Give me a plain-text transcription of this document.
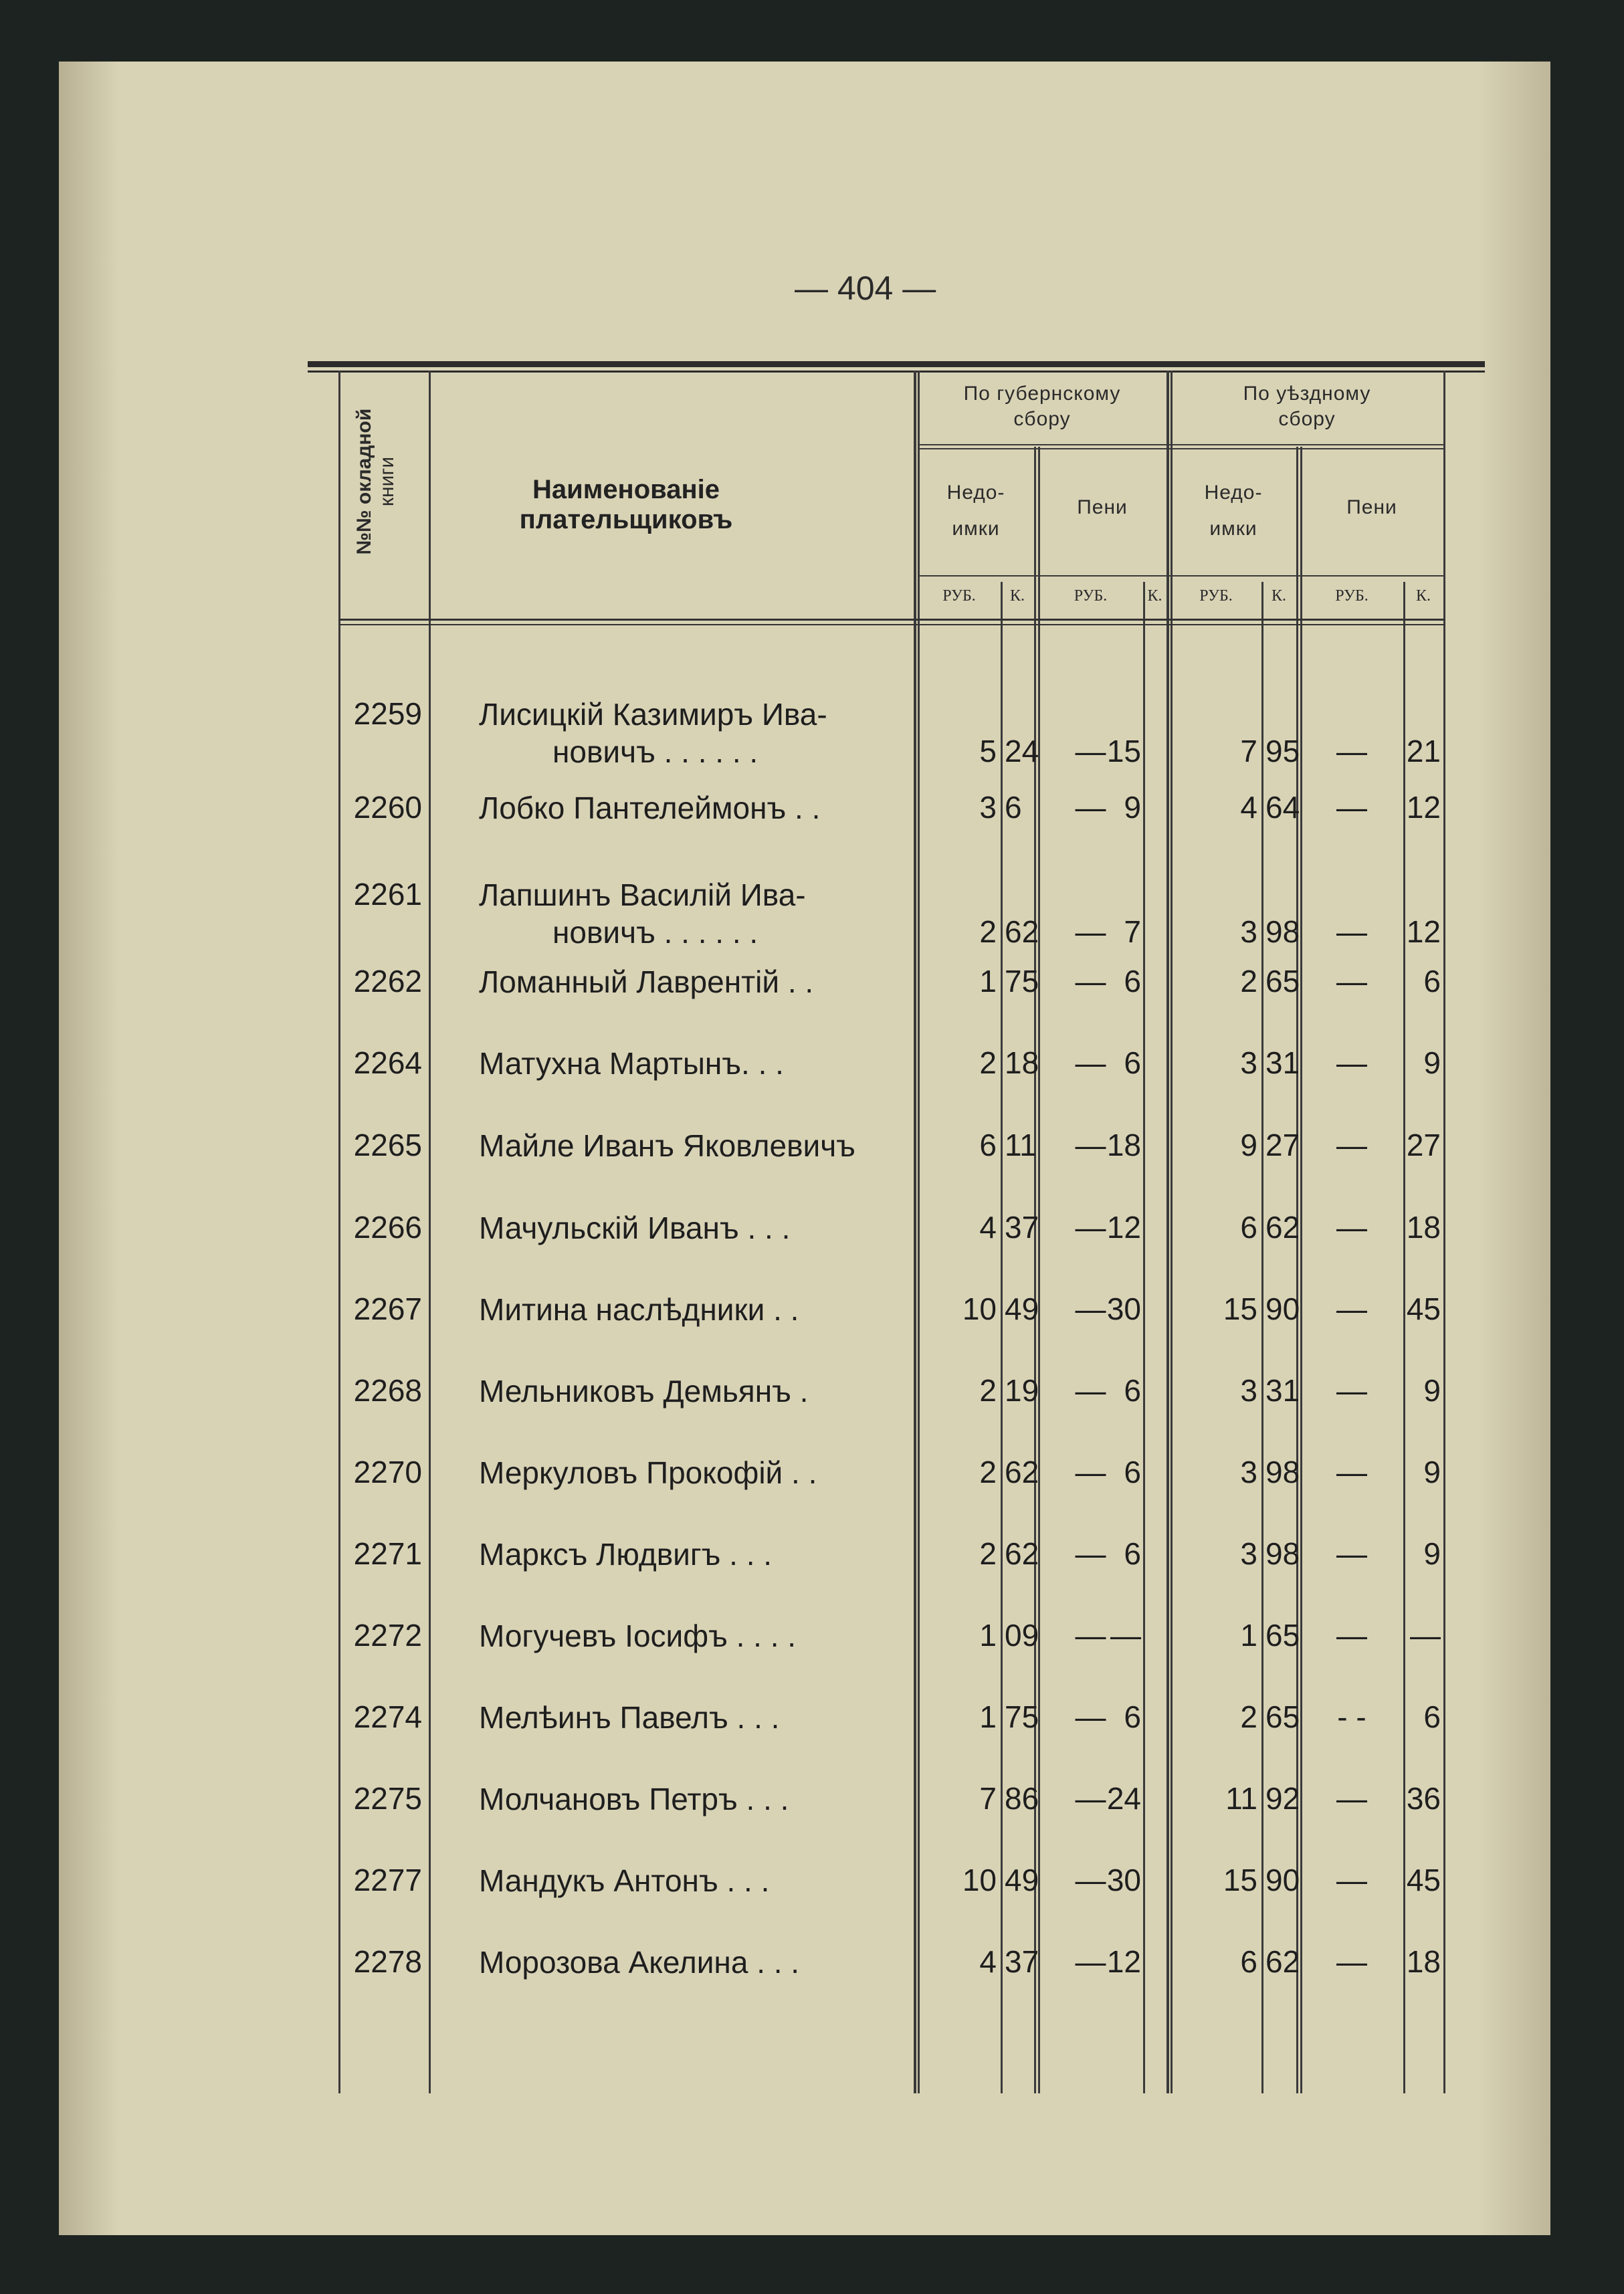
— 404 —
№№ окладной
книги	Наименованіе плательщиковъ
По губернскому
сбору
По уѣздному
сбору
Недо-
имки
Пени
Недо-
имки
Пени
РУБ.	К.	РУБ.	К.	РУБ.	К.	РУБ.	К.
2259 Лисицкій Казимиръ Ива-
новичъ . . . . . .	5 24	— 15	7 95	—	21
2260 Лобко Пантелеймонъ . .	3 6	— 9	4 64	—	12
2261 Лапшинъ Василій Ива-
новичъ . . . . . .	2 62	— 7	3 98	—	12
2262 Ломанный Лаврентій . .	1 75	— 6	2 65	—	6
2264 Матухна Мартынъ. . .	2 18	— 6	3 31	—	9
2265 Майле Иванъ Яковлевичъ	6 11	— 18	9 27	—	27
2266 Мачульскій Иванъ . . .	4 37	— 12	6 62	—	18
2267 Митина наслѣдники . .	10 49	— 30	15 90	—	45
2268 Мельниковъ Демьянъ .	2 19	— 6	3 31	—	9
2270 Меркуловъ Прокофій . .	2 62	— 6	3 98	—	9
2271 Марксъ Людвигъ . . .	2 62	— 6	3 98	—	9
2272 Могучевъ Іосифъ . . . .	1 09	— —	1 65	—	—
2274 Мелѣинъ Павелъ . . .	1 75	— 6	2 65	- -	6
2275 Молчановъ Петръ . . .	7 86	— 24	11 92	—	36
2277 Мандукъ Антонъ . . .	10 49	— 30	15 90	—	45
2278 Морозова Акелина . . .	4 37	— 12	6 62	—	18
